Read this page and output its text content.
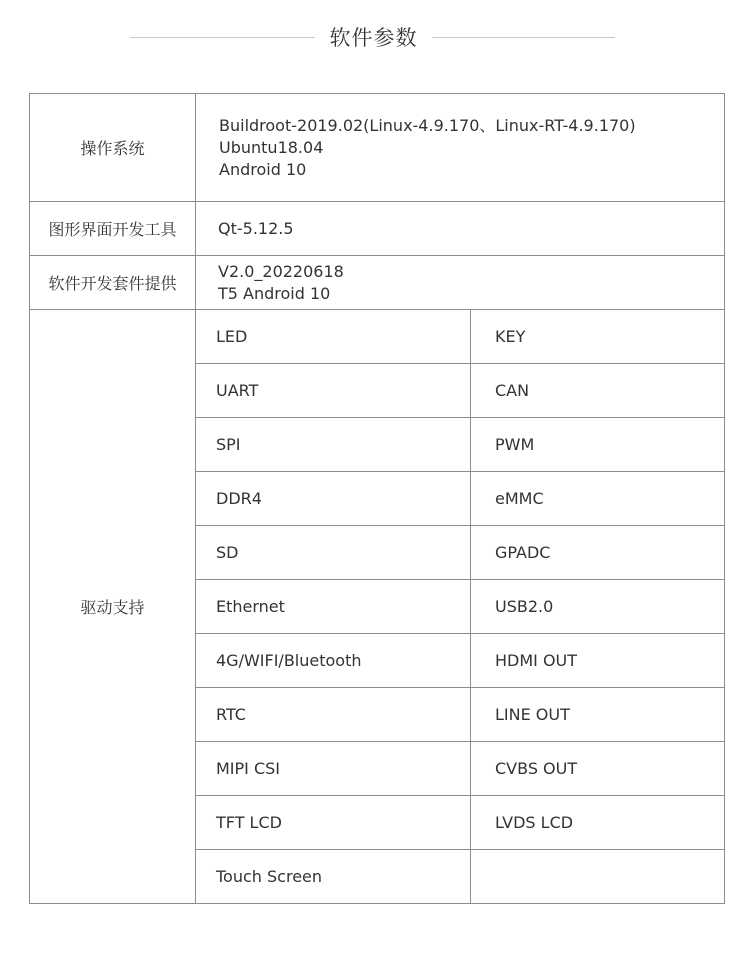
软件参数
操作系统	Buildroot-2019.02(Linux-4.9.170、Linux-RT-4.9.170)
Ubuntu18.04
Android 10	

图形界面开发工具	Qt-5.12.5	
软件开发套件提供	V2.0_20220618
T5 Android 10	

驱动支持	LED	KEY
	UART	CAN
	SPI	PWM
	DDR4	eMMC
	SD	GPADC
	Ethernet	USB2.0
	4G/WIFI/Bluetooth	HDMI OUT
	RTC	LINE OUT
	MIPI CSI	CVBS OUT
	TFT LCD	LVDS LCD
	Touch Screen	
